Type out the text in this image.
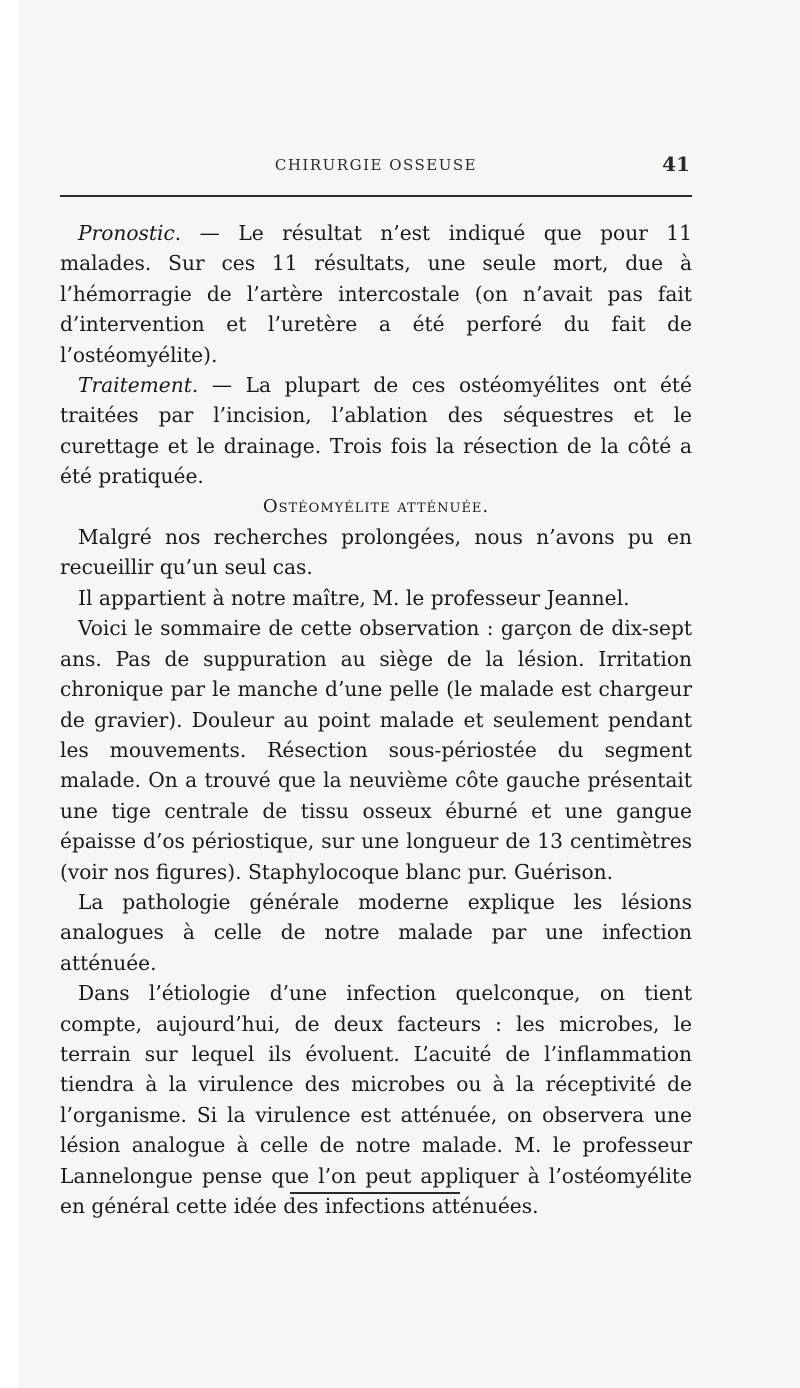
CHIRURGIE OSSEUSE	41

Pronostic. — Le résultat n’est indiqué que pour 11 malades. Sur ces 11 résultats, une seule mort, due à l’hémorragie de l’artère intercostale (on n’avait pas fait d’intervention et l’uretère a été perforé du fait de l’ostéomyélite).

Traitement. — La plupart de ces ostéomyélites ont été traitées par l’incision, l’ablation des séquestres et le curettage et le drainage. Trois fois la résection de la côté a été pratiquée.

Ostéomyélite atténuée.

Malgré nos recherches prolongées, nous n’avons pu en recueillir qu’un seul cas.

Il appartient à notre maître, M. le professeur Jeannel.

Voici le sommaire de cette observation : garçon de dix-sept ans. Pas de suppuration au siège de la lésion. Irritation chronique par le manche d’une pelle (le malade est chargeur de gravier). Douleur au point malade et seulement pendant les mouvements. Résection sous-périostée du segment malade. On a trouvé que la neuvième côte gauche présentait une tige centrale de tissu osseux éburné et une gangue épaisse d’os périostique, sur une longueur de 13 centimètres (voir nos figures). Staphylocoque blanc pur. Guérison.

La pathologie générale moderne explique les lésions analogues à celle de notre malade par une infection atténuée.

Dans l’étiologie d’une infection quelconque, on tient compte, aujourd’hui, de deux facteurs : les microbes, le terrain sur lequel ils évoluent. L’acuité de l’inflammation tiendra à la virulence des microbes ou à la réceptivité de l’organisme. Si la virulence est atténuée, on observera une lésion analogue à celle de notre malade. M. le professeur Lannelongue pense que l’on peut appliquer à l’ostéomyélite en général cette idée des infections atténuées.
